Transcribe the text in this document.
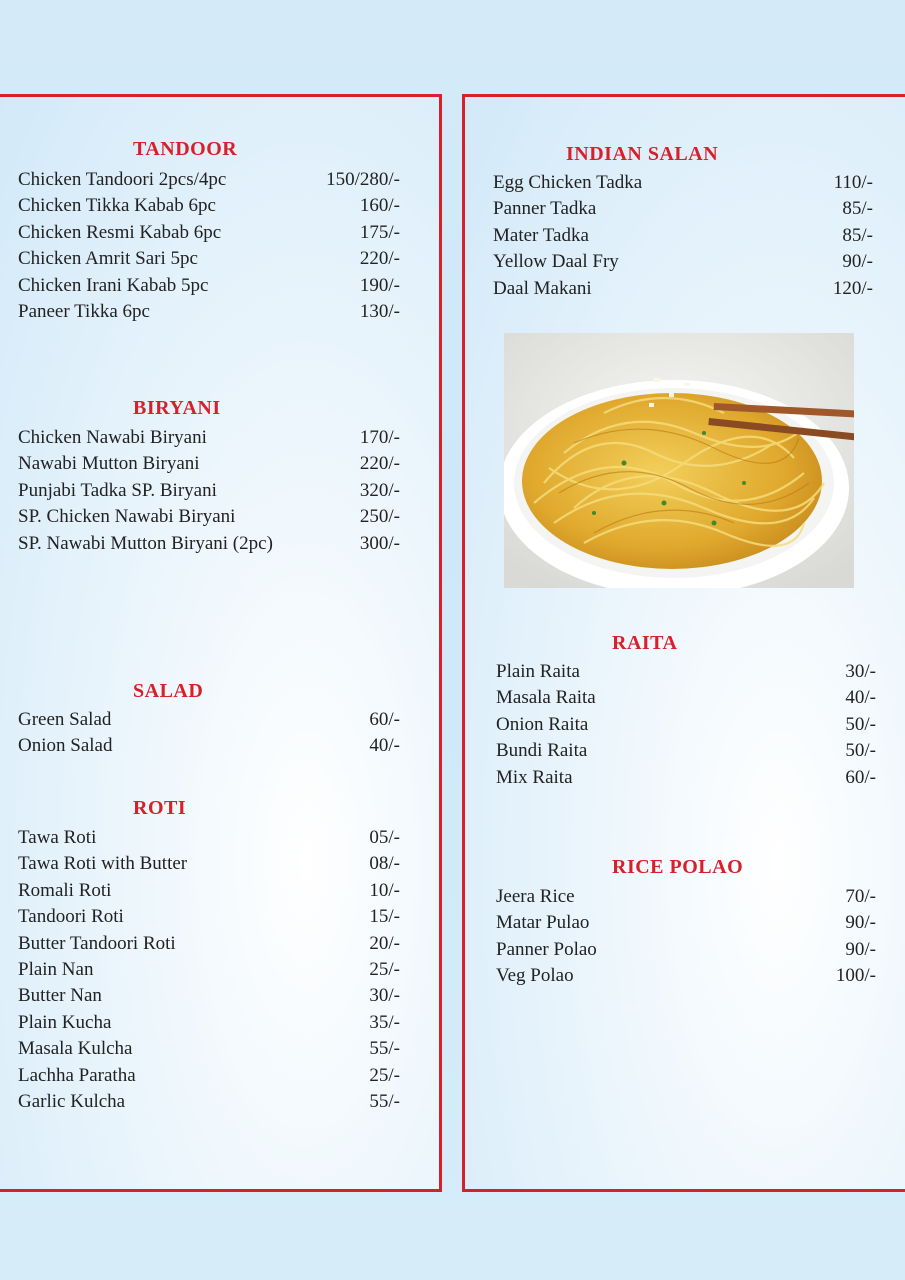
TANDOOR
Chicken Tandoori 2pcs/4pc	150/280/-
Chicken Tikka Kabab 6pc	160/-
Chicken Resmi Kabab 6pc	175/-
Chicken Amrit Sari 5pc	220/-
Chicken Irani Kabab 5pc	190/-
Paneer Tikka 6pc	130/-
BIRYANI
Chicken Nawabi Biryani	170/-
Nawabi Mutton Biryani	220/-
Punjabi Tadka SP. Biryani	320/-
SP. Chicken Nawabi Biryani	250/-
SP. Nawabi Mutton Biryani (2pc)	300/-
SALAD
Green Salad	60/-
Onion Salad	40/-
ROTI
Tawa Roti	05/-
Tawa Roti with Butter	08/-
Romali Roti	10/-
Tandoori Roti	15/-
Butter Tandoori Roti	20/-
Plain Nan	25/-
Butter Nan	30/-
Plain Kucha	35/-
Masala Kulcha	55/-
Lachha Paratha	25/-
Garlic Kulcha	55/-
INDIAN SALAN
Egg Chicken Tadka	110/-
Panner Tadka	85/-
Mater Tadka	85/-
Yellow Daal Fry	90/-
Daal Makani	120/-
RAITA
Plain Raita	30/-
Masala Raita	40/-
Onion Raita	50/-
Bundi Raita	50/-
Mix Raita	60/-
RICE POLAO
Jeera Rice	70/-
Matar Pulao	90/-
Panner Polao	90/-
Veg Polao	100/-
